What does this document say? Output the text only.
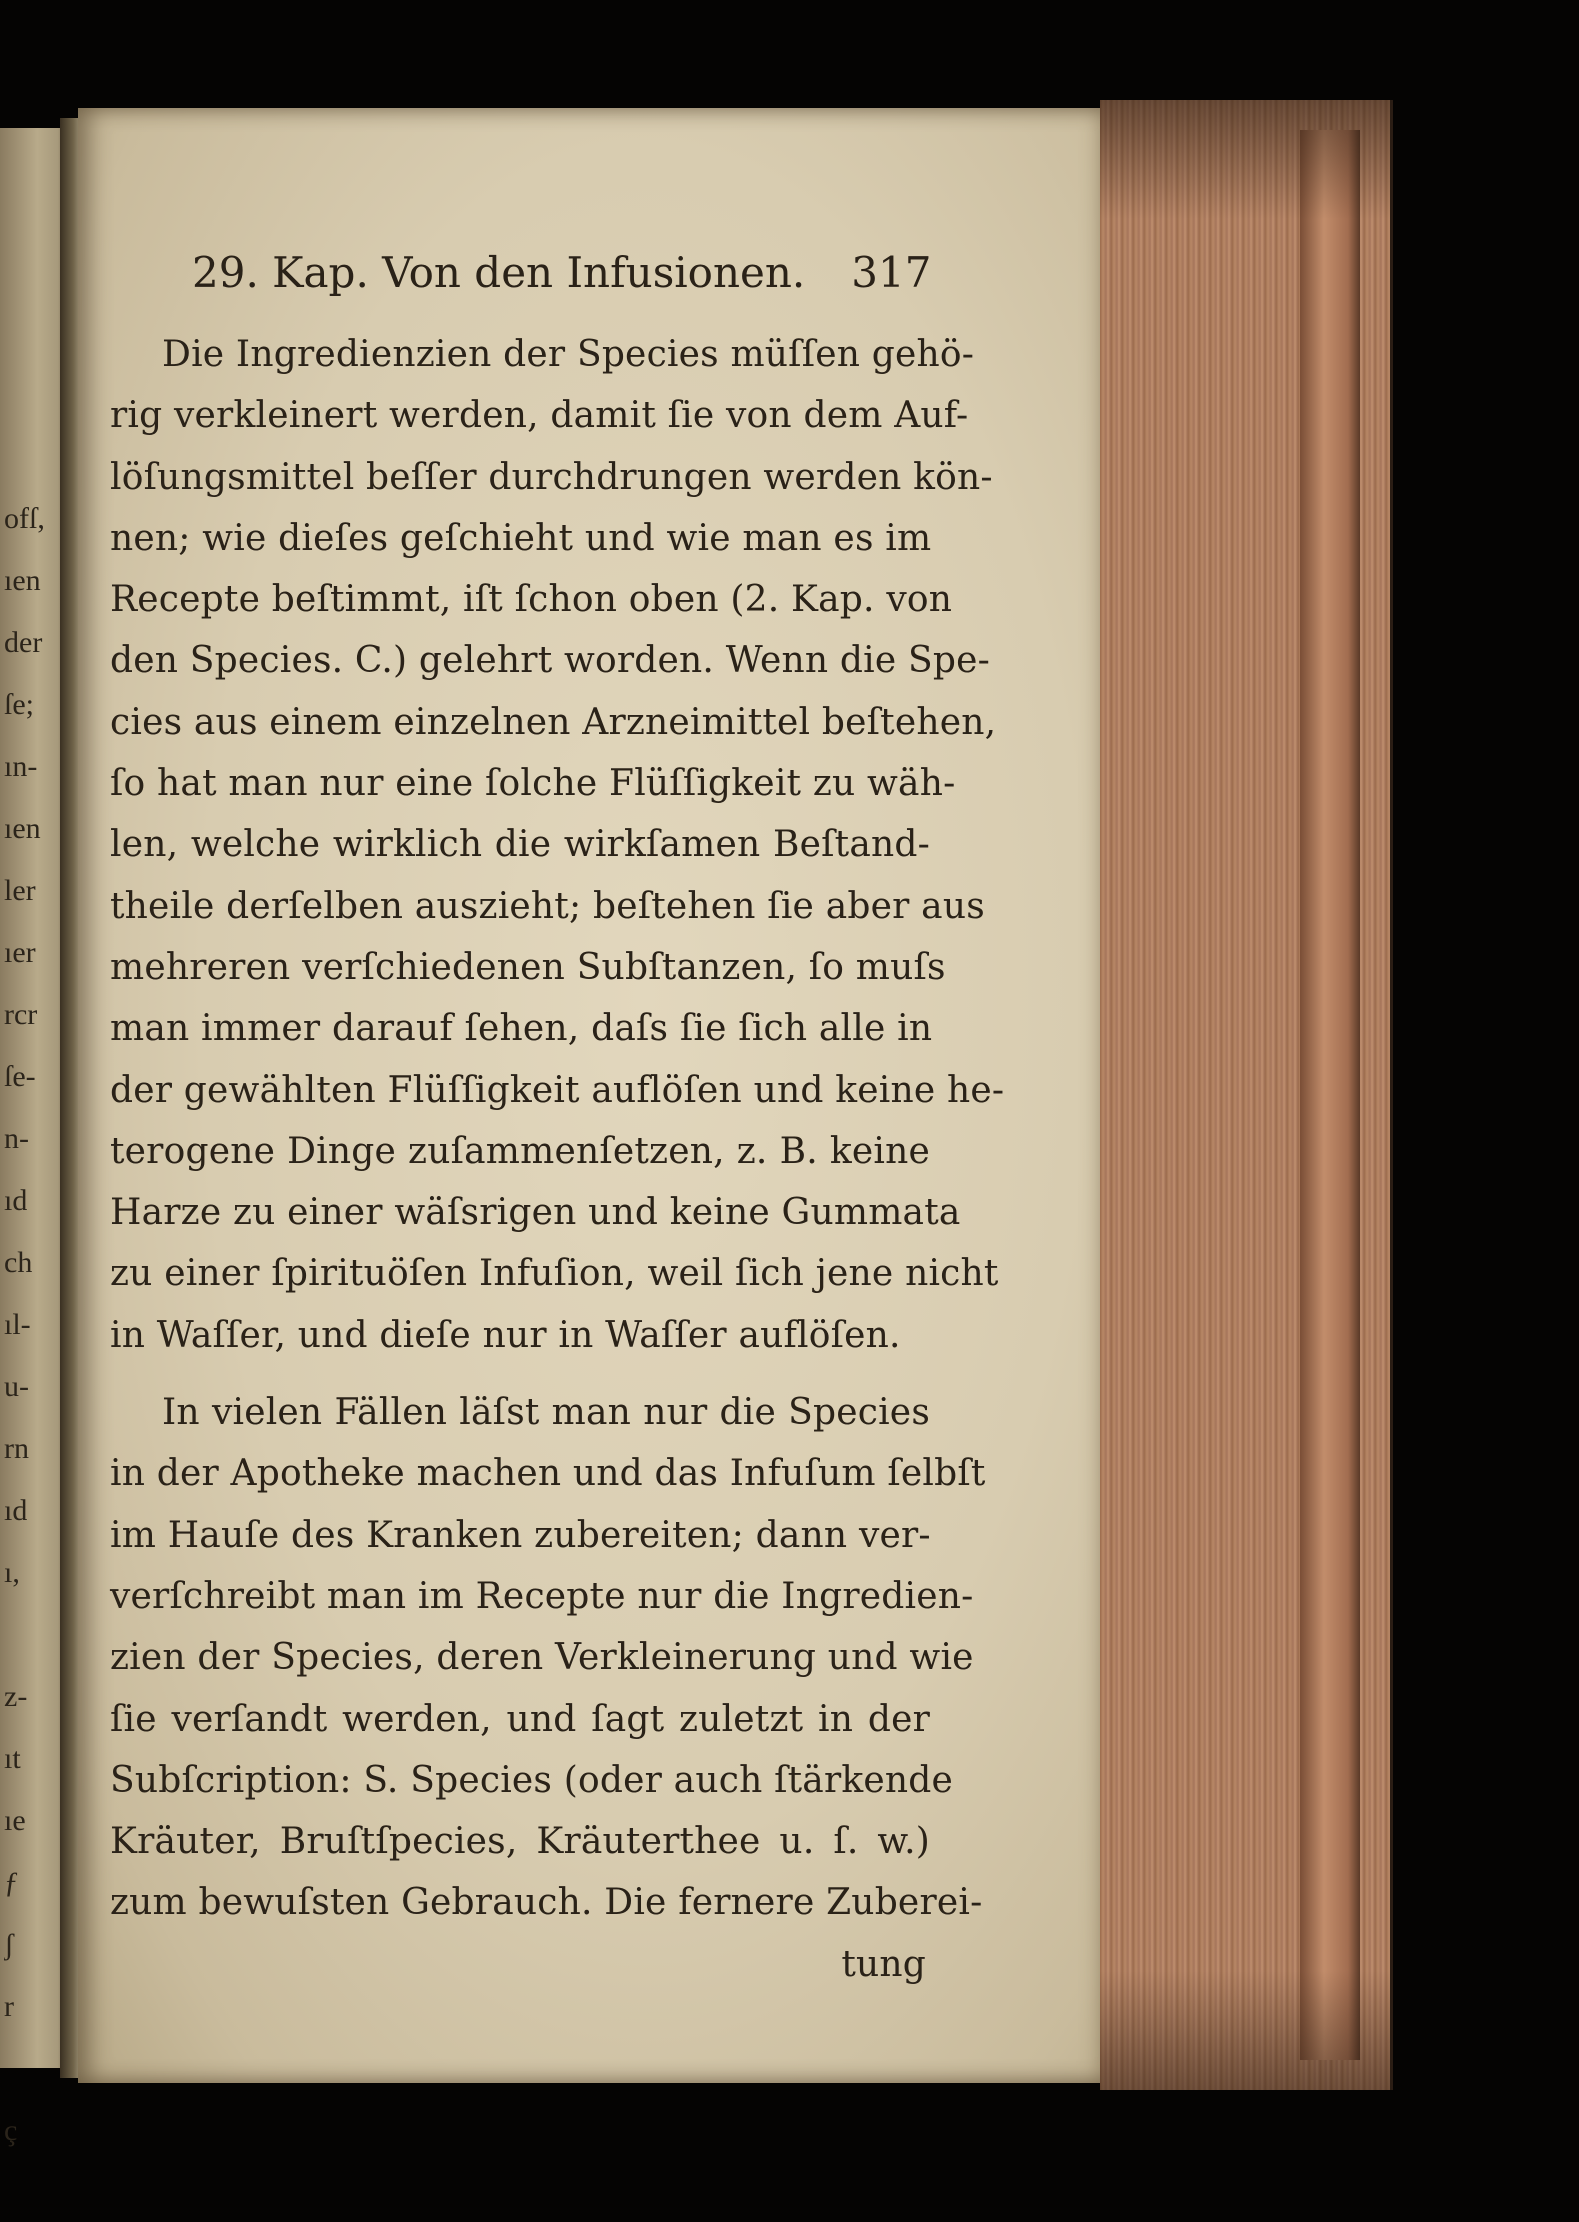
ofſ,
ıen
der
ſe;
ın-
ıen
ler
ıer
rcr
ſe-
n-
ıd
ch
ıl-
u-
rn
ıd
ı,
z-
ıt
ıe
ƒ
ʃ
r
ç
29. Kap. Von den Infusionen. 317
Die Ingredienzien der Species müſſen gehö-
rig verkleinert werden, damit ſie von dem Auf-
löſungsmittel beſſer durchdrungen werden kön-
nen; wie dieſes geſchieht und wie man es im
Recepte beſtimmt, iſt ſchon oben (2. Kap. von
den Species. C.) gelehrt worden. Wenn die Spe-
cies aus einem einzelnen Arzneimittel beſtehen,
ſo hat man nur eine ſolche Flüſſigkeit zu wäh-
len, welche wirklich die wirkſamen Beſtand-
theile derſelben auszieht; beſtehen ſie aber aus
mehreren verſchiedenen Subſtanzen, ſo muſs
man immer darauf ſehen, daſs ſie ſich alle in
der gewählten Flüſſigkeit auflöſen und keine he-
terogene Dinge zuſammenſetzen, z. B. keine
Harze zu einer wäſsrigen und keine Gummata
zu einer ſpirituöſen Infuſion, weil ſich jene nicht
in Waſſer, und dieſe nur in Waſſer auflöſen.
In vielen Fällen läſst man nur die Species
in der Apotheke machen und das Infuſum ſelbſt
im Hauſe des Kranken zubereiten; dann ver-
verſchreibt man im Recepte nur die Ingredien-
zien der Species, deren Verkleinerung und wie
ſie verſandt werden, und ſagt zuletzt in der
Subſcription: S. Species (oder auch ſtärkende
Kräuter, Bruſtſpecies, Kräuterthee u. ſ. w.)
zum bewuſsten Gebrauch. Die fernere Zuberei-
tung
